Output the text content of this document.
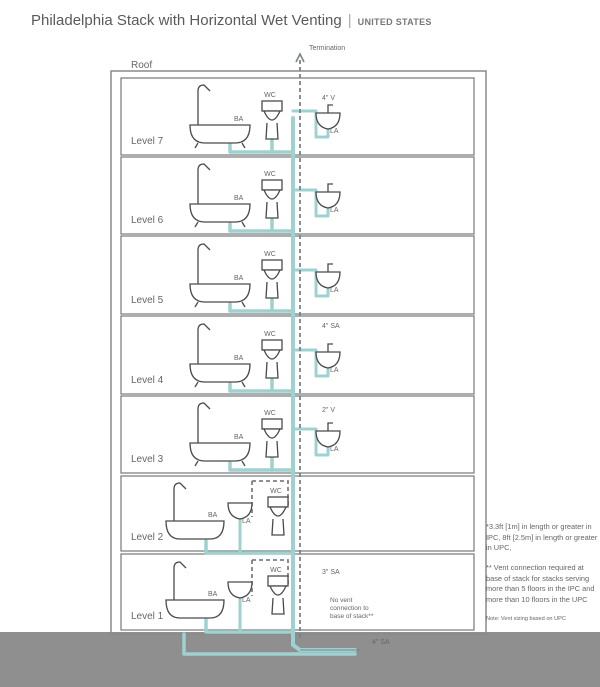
Philadelphia Stack with Horizontal Wet Venting | UNITED STATES
Roof
Level 7
Level 6
Level 5
Level 4
Level 3
Level 2
Level 1
BA
WC
LA
BA
WC
LA
BA
WC
LA
BA
WC
LA
BA
WC
LA
BA
LA
WC
BA
LA
WC
Termination
4" V
4" SA
2" V
3" SA
No vent
connection to
base of stack**
4" SA
*3.3ft [1m] in length or greater in IPC, 8ft [2.5m] in length or greater in UPC,
** Vent connection required at base of stack for stacks serving more than 5 floors in the IPC and more than 10 floors in the UPC
Note: Vent sizing based on UPC
